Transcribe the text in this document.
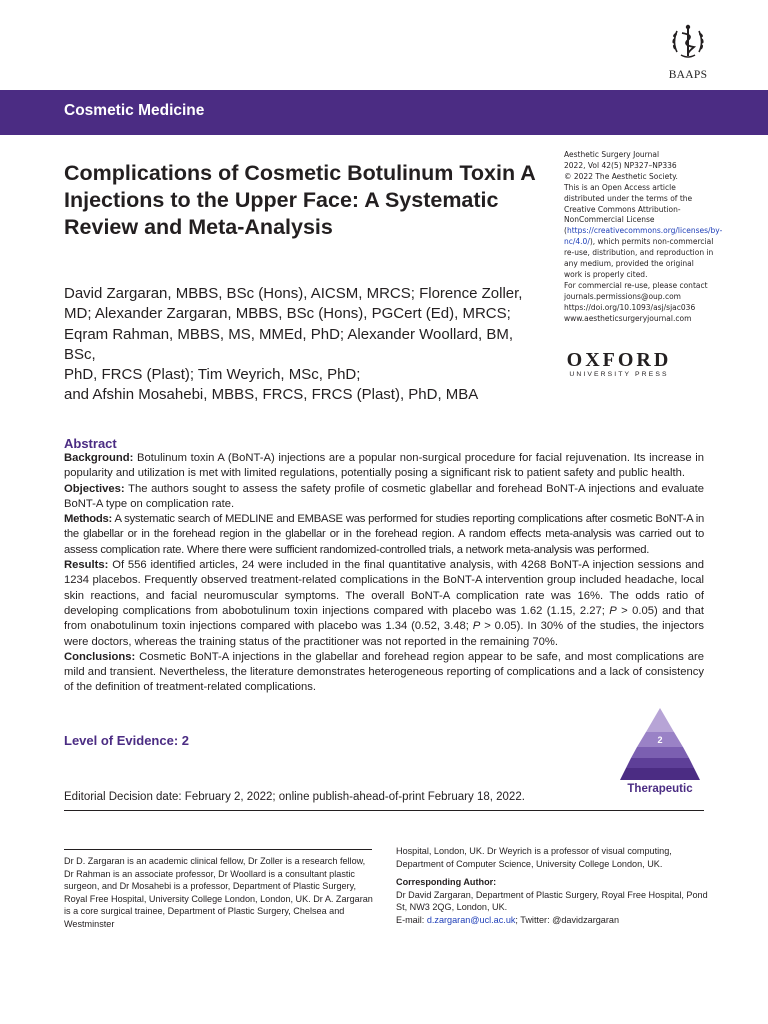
BAAPS
Cosmetic Medicine
Complications of Cosmetic Botulinum Toxin A Injections to the Upper Face: A Systematic Review and Meta-Analysis
David Zargaran, MBBS, BSc (Hons), AICSM, MRCS; Florence Zoller,
MD; Alexander Zargaran, MBBS, BSc (Hons), PGCert (Ed), MRCS;
Eqram Rahman, MBBS, MS, MMEd, PhD; Alexander Woollard, BM, BSc,
PhD, FRCS (Plast); Tim Weyrich, MSc, PhD;
and Afshin Mosahebi, MBBS, FRCS, FRCS (Plast), PhD, MBA
Aesthetic Surgery Journal
2022, Vol 42(5) NP327–NP336
© 2022 The Aesthetic Society.
This is an Open Access article distributed under the terms of the Creative Commons Attribution-NonCommercial License (https://creativecommons.org/licenses/by-nc/4.0/), which permits non-commercial re-use, distribution, and reproduction in any medium, provided the original work is properly cited.
For commercial re-use, please contact journals.permissions@oup.com
https://doi.org/10.1093/asj/sjac036
www.aestheticsurgeryjournal.com
OXFORD
UNIVERSITY PRESS
Abstract

Background: Botulinum toxin A (BoNT-A) injections are a popular non-surgical procedure for facial rejuvenation. Its increase in popularity and utilization is met with limited regulations, potentially posing a significant risk to patient safety and public health.

Objectives: The authors sought to assess the safety profile of cosmetic glabellar and forehead BoNT-A injections and evaluate BoNT-A type on complication rate.

Methods: A systematic search of MEDLINE and EMBASE was performed for studies reporting complications after cosmetic BoNT-A in the glabellar or in the forehead region in the glabellar or in the forehead region. A random effects meta-analysis was carried out to assess complication rate. Where there were sufficient randomized-controlled trials, a network meta-analysis was performed.

Results: Of 556 identified articles, 24 were included in the final quantitative analysis, with 4268 BoNT-A injection sessions and 1234 placebos. Frequently observed treatment-related complications in the BoNT-A intervention group included headache, local skin reactions, and facial neuromuscular symptoms. The overall BoNT-A complication rate was 16%. The odds ratio of developing complications from abobotulinum toxin injections compared with placebo was 1.62 (1.15, 2.27; P > 0.05) and that from onabotulinum toxin injections compared with placebo was 1.34 (0.52, 3.48; P > 0.05). In 30% of the studies, the injectors were doctors, whereas the training status of the practitioner was not reported in the remaining 70%.

Conclusions: Cosmetic BoNT-A injections in the glabellar and forehead region appear to be safe, and most complications are mild and transient. Nevertheless, the literature demonstrates heterogeneous reporting of complications and a lack of consistency of the definition of treatment-related complications.

Level of Evidence: 2	2
Therapeutic
Editorial Decision date: February 2, 2022; online publish-ahead-of-print February 18, 2022.
Dr D. Zargaran is an academic clinical fellow, Dr Zoller is a research fellow, Dr Rahman is an associate professor, Dr Woollard is a consultant plastic surgeon, and Dr Mosahebi is a professor, Department of Plastic Surgery, Royal Free Hospital, University College London, London, UK. Dr A. Zargaran is a core surgical trainee, Department of Plastic Surgery, Chelsea and Westminster
Hospital, London, UK. Dr Weyrich is a professor of visual computing, Department of Computer Science, University College London, UK.
Corresponding Author:
Dr David Zargaran, Department of Plastic Surgery, Royal Free Hospital, Pond St, NW3 2QG, London, UK.
E-mail: d.zargaran@ucl.ac.uk; Twitter: @davidzargaran
